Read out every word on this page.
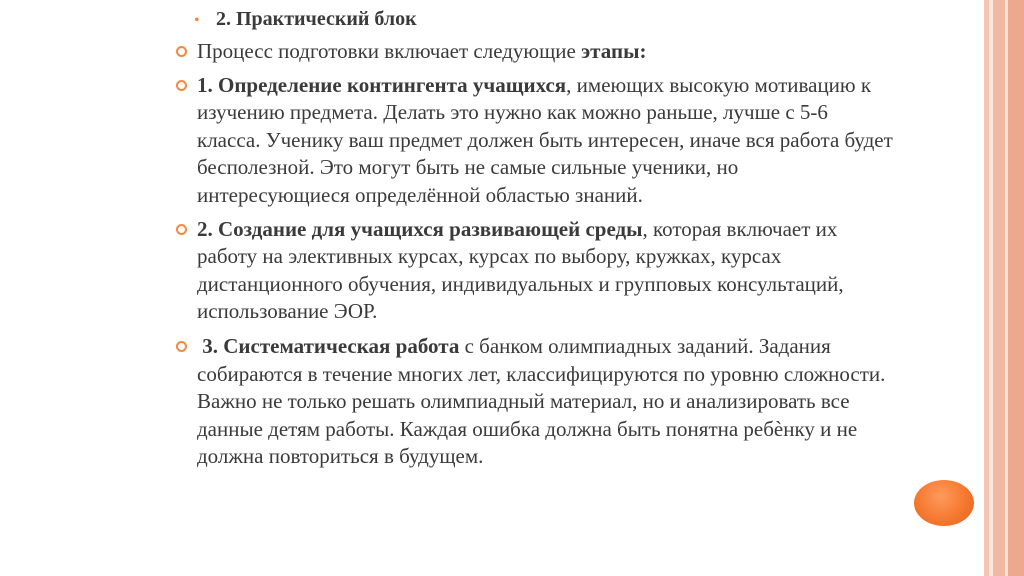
• 2. Практический блок
Процесс подготовки включает следующие этапы:
1. Определение контингента учащихся, имеющих высокую мотивацию к изучению предмета. Делать это нужно как можно раньше, лучше с 5-6 класса. Ученику ваш предмет должен быть интересен, иначе вся работа будет бесполезной. Это могут быть не самые сильные ученики, но интересующиеся определённой областью знаний.
2. Создание для учащихся развивающей среды, которая включает их работу на элективных курсах, курсах по выбору, кружках, курсах дистанционного обучения, индивидуальных и групповых консультаций, использование ЭОР.
3. Систематическая работа с банком олимпиадных заданий. Задания собираются в течение многих лет, классифицируются по уровню сложности. Важно не только решать олимпиадный материал, но и анализировать все данные детям работы. Каждая ошибка должна быть понятна ребѐнку и не должна повториться в будущем.
